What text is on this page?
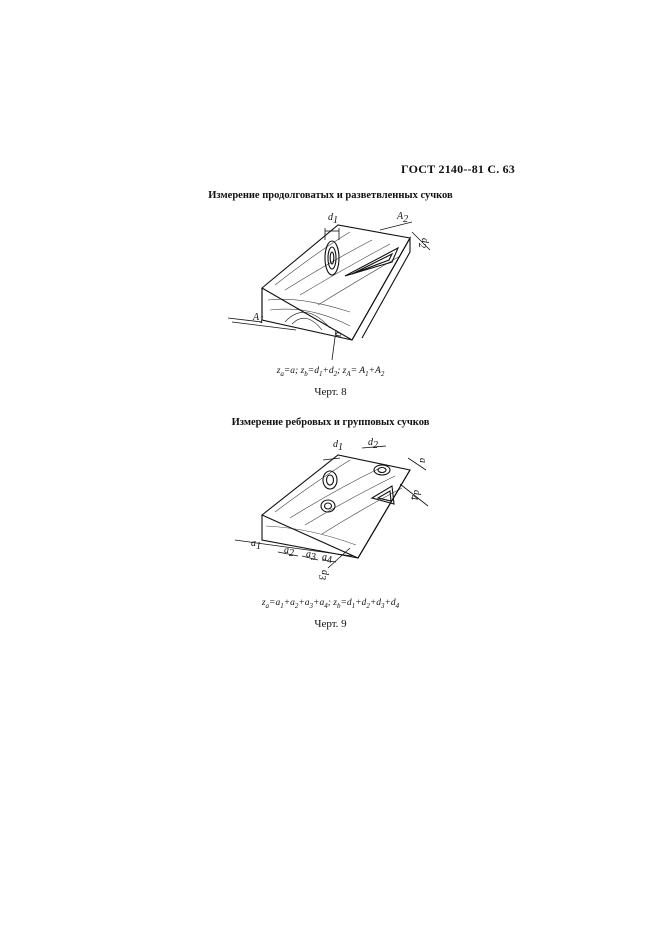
ГОСТ 2140--81 С. 63
Измерение продолговатых и разветвленных сучков
d1	A2
d2
A1
a
$z_a=a$; $z_b=d_1+d_2$; $z_A= A_1+A_2$
Черт. 8
Измерение ребровых и групповых сучков
d1	d2
a
d4
a1 a2 a3 a4
d3
$z_a=a_1+a_2+a_3+a_4$; $z_b=d_1+d_2+d_3+d_4$
Черт. 9
